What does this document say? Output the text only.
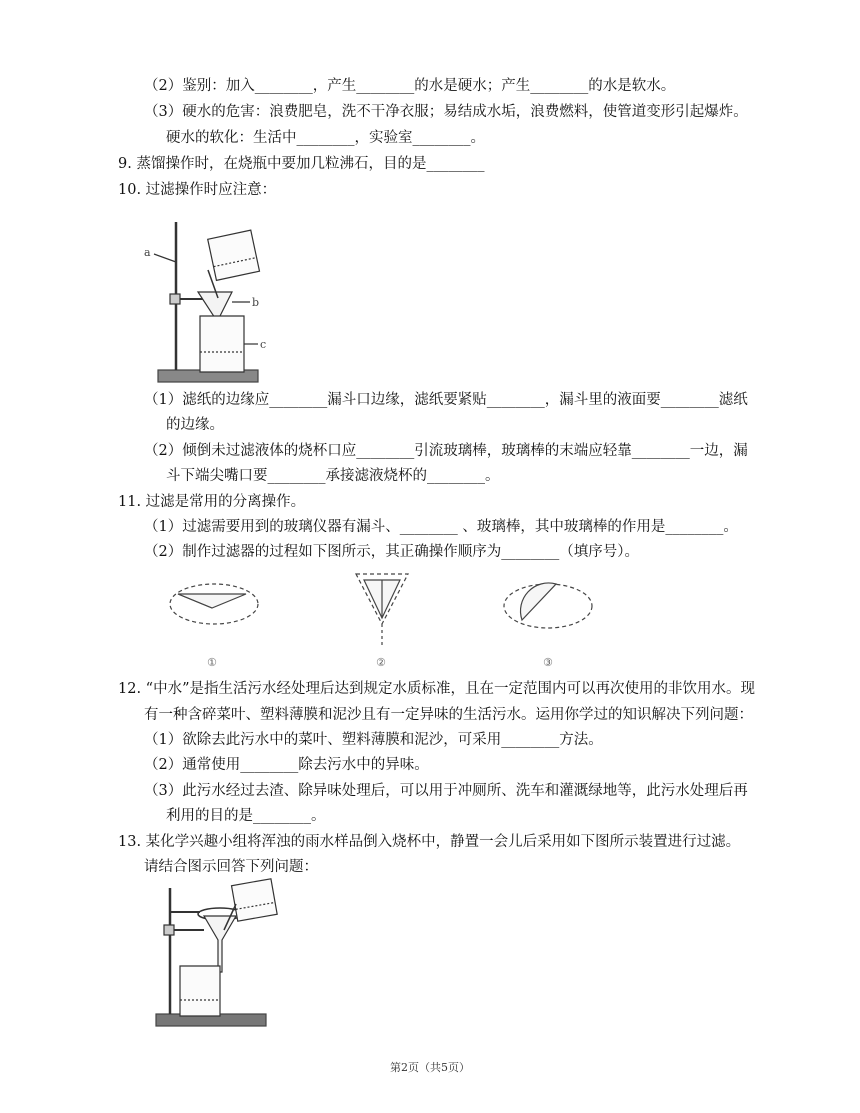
（2）鉴别：加入________，产生________的水是硬水；产生________的水是软水。
（3）硬水的危害：浪费肥皂，洗不干净衣服；易结成水垢，浪费燃料，使管道变形引起爆炸。
硬水的软化：生活中________，实验室________。
9. 蒸馏操作时，在烧瓶中要加几粒沸石，目的是________
10. 过滤操作时应注意：
a
b
c
（1）滤纸的边缘应________漏斗口边缘，滤纸要紧贴________，漏斗里的液面要________滤纸
的边缘。
（2）倾倒未过滤液体的烧杯口应________引流玻璃棒，玻璃棒的末端应轻靠________一边，漏
斗下端尖嘴口要________承接滤液烧杯的________。
11. 过滤是常用的分离操作。
（1）过滤需要用到的玻璃仪器有漏斗、________ 、玻璃棒，其中玻璃棒的作用是________。
（2）制作过滤器的过程如下图所示，其正确操作顺序为________（填序号）。
①	②	③
12. “中水”是指生活污水经处理后达到规定水质标准，且在一定范围内可以再次使用的非饮用水。现
有一种含碎菜叶、塑料薄膜和泥沙且有一定异味的生活污水。运用你学过的知识解决下列问题：
（1）欲除去此污水中的菜叶、塑料薄膜和泥沙，可采用________方法。
（2）通常使用________除去污水中的异味。
（3）此污水经过去渣、除异味处理后，可以用于冲厕所、洗车和灌溉绿地等，此污水处理后再
利用的目的是________。
13. 某化学兴趣小组将浑浊的雨水样品倒入烧杯中，静置一会儿后采用如下图所示装置进行过滤。
请结合图示回答下列问题：
第2页（共5页）
